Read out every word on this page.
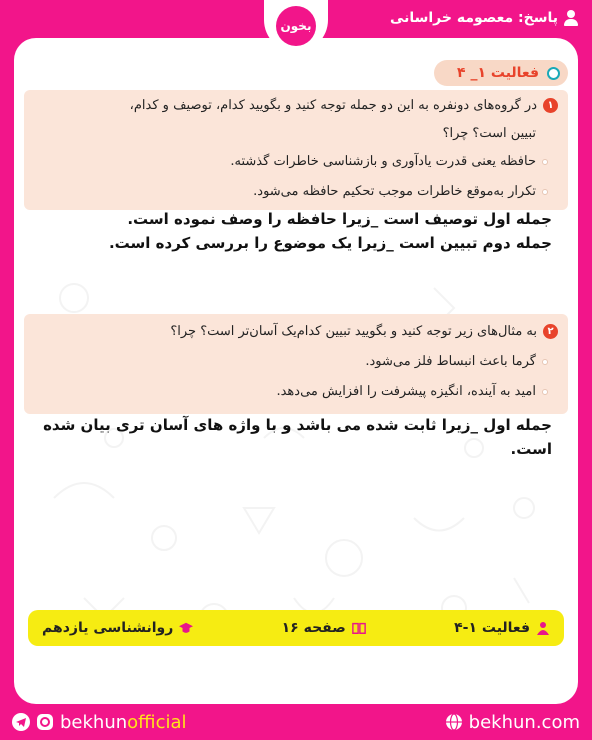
پاسخ: معصومه خراسانی
بخون
فعالیت ۱_ ۴
۱
در گروه‌های دونفره به این دو جمله توجه کنید و بگویید کدام، توصیف و کدام،
تبیین است؟ چرا؟
حافظه یعنی قدرت یادآوری و بازشناسی خاطرات گذشته.
تکرار به‌موقع خاطرات موجب تحکیم حافظه می‌شود.
جمله اول توصیف است _زیرا حافظه را وصف نموده است.
جمله دوم تبیین است _زیرا یک موضوع را بررسی کرده است.
۲
به مثال‌های زیر توجه کنید و بگویید تبیین کدام‌یک آسان‌تر است؟ چرا؟
گرما باعث انبساط فلز می‌شود.
امید به آینده، انگیزه پیشرفت را افزایش می‌دهد.
جمله اول _زیرا ثابت شده می باشد و با واژه های آسان تری بیان شده
است.
فعالیت ۱-۴
صفحه ۱۶
روانشناسی یازدهم
bekhun official	bekhun.com
